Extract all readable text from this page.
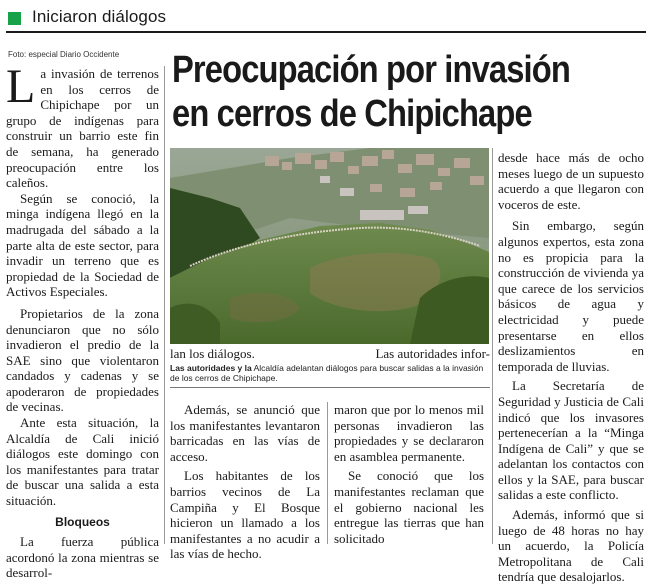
Iniciaron diálogos
Foto: especial Diario Occidente Preocupación por invasión
en cerros de Chipichape

La invasión de terrenos en los cerros de Chipichape por un grupo de indígenas para construir un barrio este fin de semana, ha generado preocupación entre los caleños.

Según se conoció, la minga indígena llegó en la madrugada del sábado a la parte alta de este sector, para invadir un terreno que es propiedad de la Sociedad de Activos Especiales.

Propietarios de la zona denunciaron que no sólo invadieron el predio de la SAE sino que violentaron candados y cadenas y se apoderaron de propiedades de vecinas.

Ante esta situación, la Alcaldía de Cali inició diálogos este domingo con los manifestantes para tratar de buscar una salida a esta situación.

Bloqueos

La fuerza pública acordonó la zona mientras se desarrol-

lan los diálogos.	Las autoridades infor-
Las autoridades y la Alcaldía adelantan diálogos para buscar salidas a la invasión de los cerros de Chipichape.

Además, se anunció que los manifestantes levantaron barricadas en las vías de acceso.

Los habitantes de los barrios vecinos de La Campiña y El Bosque hicieron un llamado a los manifestantes a no acudir a las vías de hecho.

maron que por lo menos mil personas invadieron las propiedades y se declararon en asamblea permanente.

Se conoció que los manifestantes reclaman que el gobierno nacional les entregue las tierras que han solicitado

desde hace más de ocho meses luego de un supuesto acuerdo a que llegaron con voceros de este.

Sin embargo, según algunos expertos, esta zona no es propicia para la construcción de vivienda ya que carece de los servicios básicos de agua y electricidad y puede presentarse en ellos deslizamientos en temporada de lluvias.

La Secretaría de Seguridad y Justicia de Cali indicó que los invasores pertenecerían a la “Minga Indígena de Cali” y que se adelantan los contactos con ellos y la SAE, para buscar salidas a este conflicto.

Además, informó que si luego de 48 horas no hay un acuerdo, la Policía Metropolitana de Cali tendría que desalojarlos.
